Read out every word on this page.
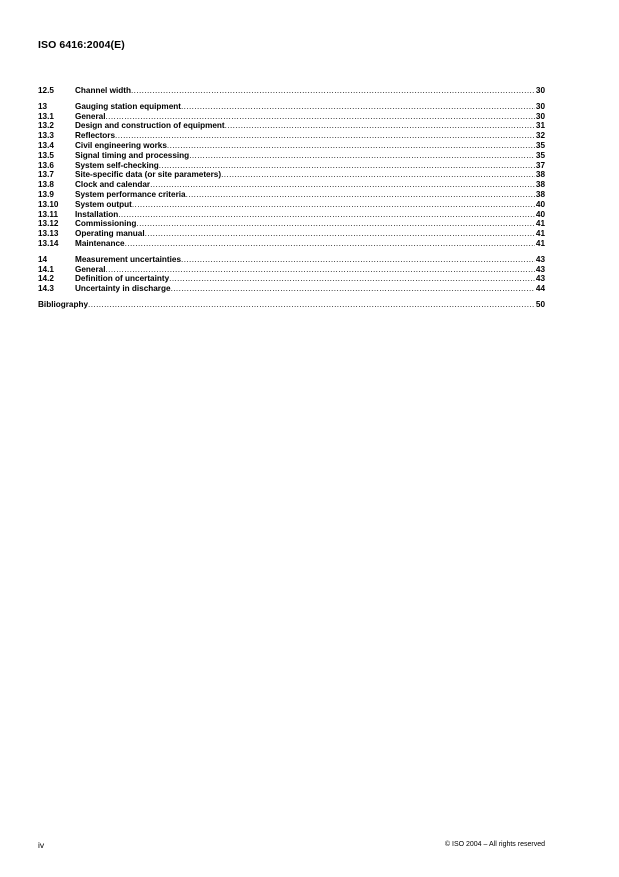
ISO 6416:2004(E)
12.5	Channel width .....	30
13	Gauging station equipment .....	30
13.1	General .....	30
13.2	Design and construction of equipment .....	31
13.3	Reflectors .....	32
13.4	Civil engineering works .....	35
13.5	Signal timing and processing .....	35
13.6	System self-checking .....	37
13.7	Site-specific data (or site parameters) .....	38
13.8	Clock and calendar .....	38
13.9	System performance criteria .....	38
13.10	System output .....	40
13.11	Installation .....	40
13.12	Commissioning .....	41
13.13	Operating manual .....	41
13.14	Maintenance .....	41
14	Measurement uncertainties .....	43
14.1	General .....	43
14.2	Definition of uncertainty .....	43
14.3	Uncertainty in discharge .....	44
Bibliography .....	50
iv	© ISO 2004 – All rights reserved
